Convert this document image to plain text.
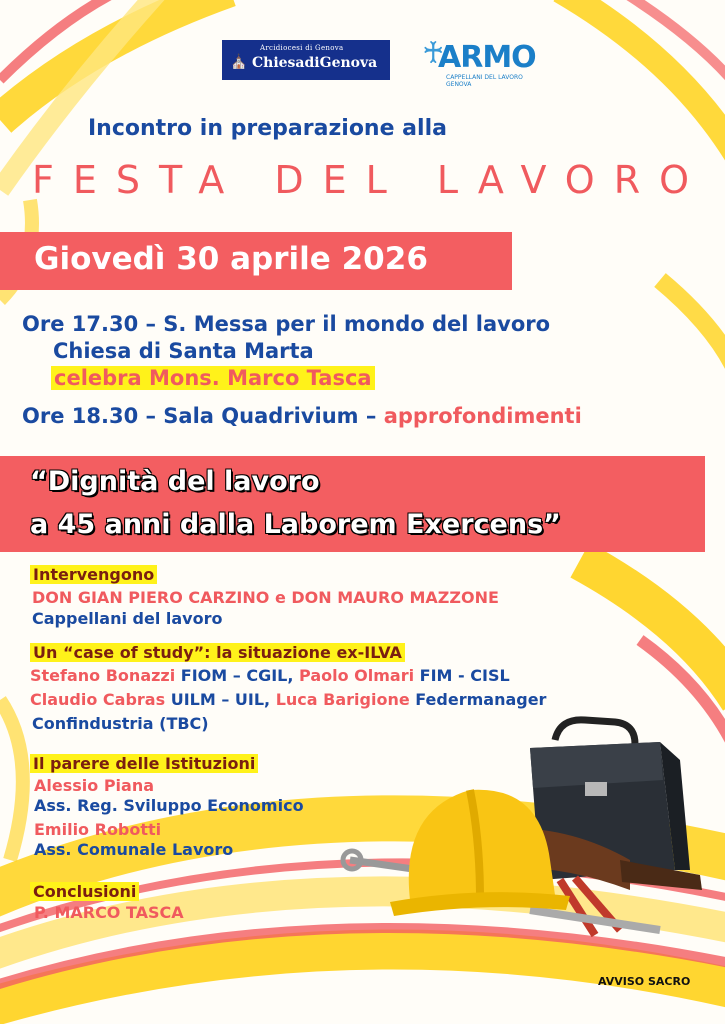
⛪
Arcidiocesi di Genova
ChiesadiGenova ♰
ARMO
CAPPELLANI DEL LAVORO GENOVA
Incontro in preparazione alla
FESTA DEL LAVORO
Giovedì 30 aprile 2026
Ore 17.30 – S. Messa per il mondo del lavoro
Chiesa di Santa Marta
celebra Mons. Marco Tasca
Ore 18.30 – Sala Quadrivium – approfondimenti
“Dignità del lavoro
a 45 anni dalla Laborem Exercens”
Intervengono
DON GIAN PIERO CARZINO e DON MAURO MAZZONE
Cappellani del lavoro
Un “case of study”: la situazione ex-ILVA
Stefano Bonazzi FIOM – CGIL, Paolo Olmari FIM - CISL
Claudio Cabras UILM – UIL, Luca Barigione Federmanager
Confindustria (TBC)
Il parere delle Istituzioni
Alessio Piana
Ass. Reg. Sviluppo Economico
Emilio Robotti
Ass. Comunale Lavoro
Conclusioni
P. MARCO TASCA
AVVISO SACRO
